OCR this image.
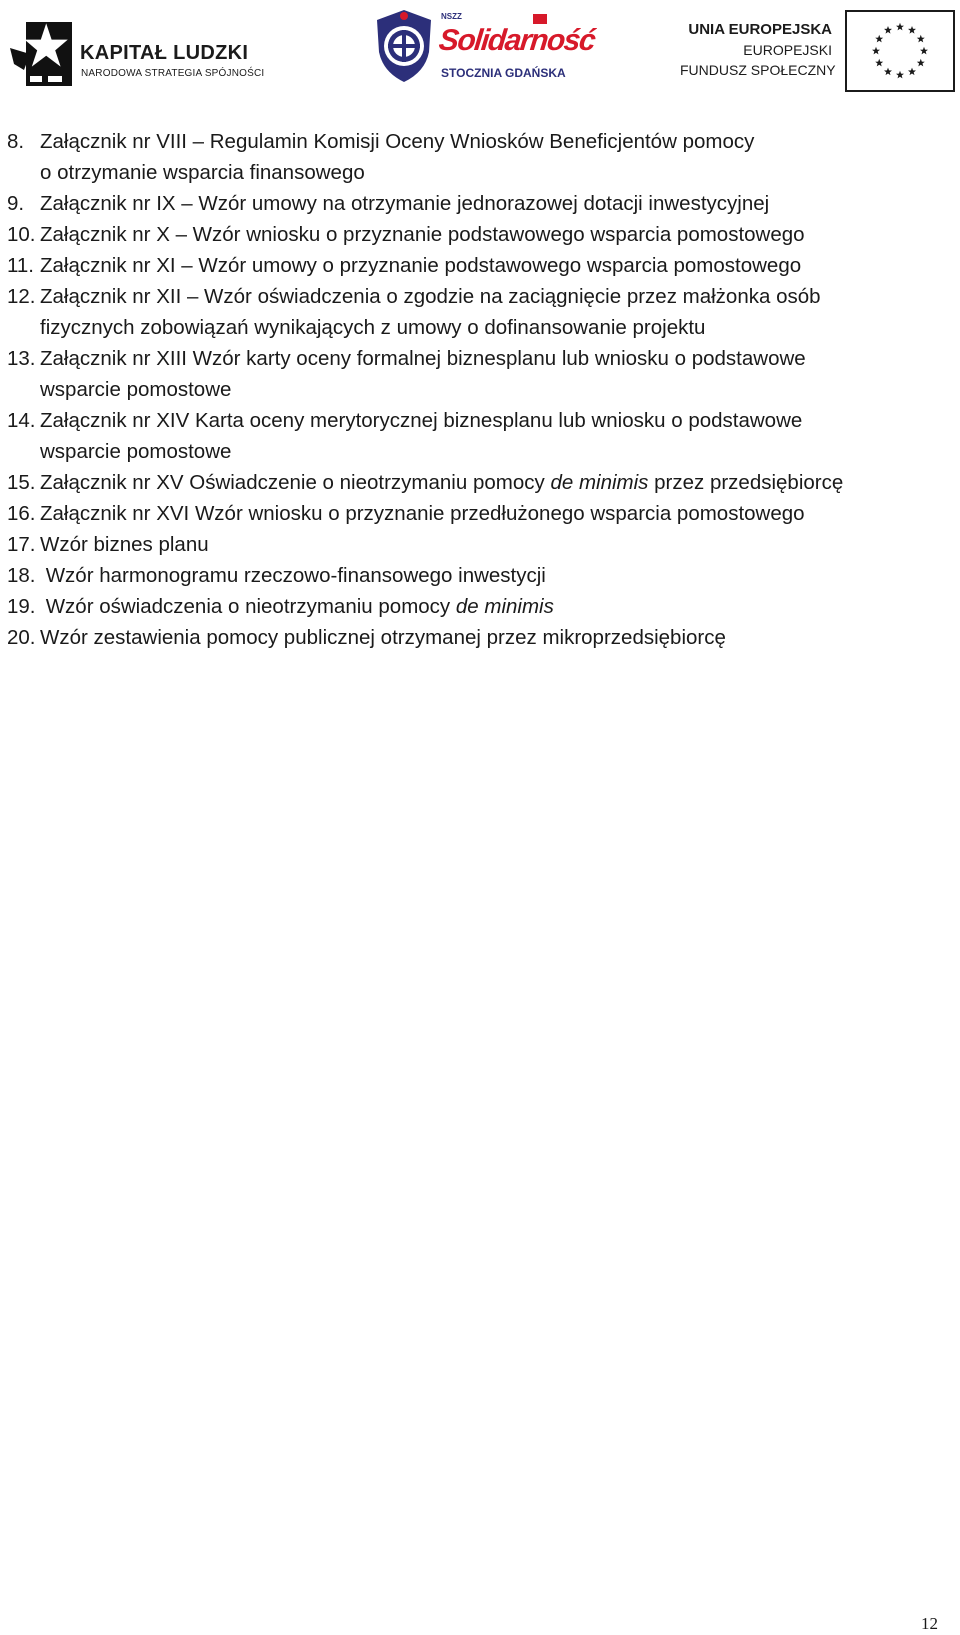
KAPITAŁ LUDZKI
NARODOWA STRATEGIA SPÓJNOŚCI
NSZZ
Solidarność
STOCZNIA GDAŃSKA
UNIA EUROPEJSKA
EUROPEJSKI
FUNDUSZ SPOŁECZNY
8. Załącznik nr VIII – Regulamin Komisji Oceny Wniosków Beneficjentów pomocy
o otrzymanie wsparcia finansowego
9. Załącznik nr IX – Wzór umowy na otrzymanie jednorazowej dotacji inwestycyjnej
10. Załącznik nr X – Wzór wniosku o przyznanie podstawowego wsparcia pomostowego
11. Załącznik nr XI – Wzór umowy o przyznanie podstawowego wsparcia pomostowego
12. Załącznik nr XII – Wzór oświadczenia o zgodzie na zaciągnięcie przez małżonka osób
fizycznych zobowiązań wynikających z umowy o dofinansowanie projektu
13. Załącznik nr XIII Wzór karty oceny formalnej biznesplanu lub wniosku o podstawowe
wsparcie pomostowe
14. Załącznik nr XIV Karta oceny merytorycznej biznesplanu lub wniosku o podstawowe
wsparcie pomostowe
15. Załącznik nr XV Oświadczenie o nieotrzymaniu pomocy de minimis przez przedsiębiorcę
16. Załącznik nr XVI Wzór wniosku o przyznanie przedłużonego wsparcia pomostowego
17. Wzór biznes planu
18. Wzór harmonogramu rzeczowo-finansowego inwestycji
19. Wzór oświadczenia o nieotrzymaniu pomocy de minimis
20. Wzór zestawienia pomocy publicznej otrzymanej przez mikroprzedsiębiorcę
12
